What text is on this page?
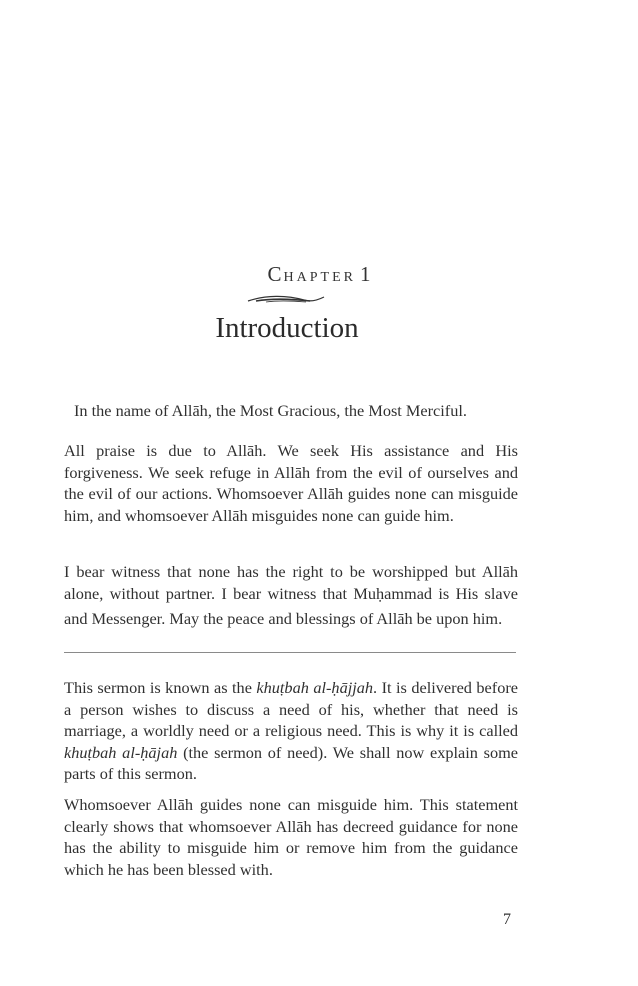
CHAPTER 1
Introduction

In the name of Allāh, the Most Gracious, the Most Merciful.

All praise is due to Allāh. We seek His assistance and His forgiveness. We seek refuge in Allāh from the evil of ourselves and the evil of our actions. Whomsoever Allāh guides none can misguide him, and whomsoever Allāh misguides none can guide him.

I bear witness that none has the right to be worshipped but Allāh alone, without partner. I bear witness that Muḥammad is His slave and Messenger. May the peace and blessings of Allāh be upon him.

This sermon is known as the khuṭbah al-ḥājjah. It is delivered before a person wishes to discuss a need of his, whether that need is marriage, a worldly need or a religious need. This is why it is called khuṭbah al-ḥājah (the sermon of need). We shall now explain some parts of this sermon.

Whomsoever Allāh guides none can misguide him. This statement clearly shows that whomsoever Allāh has decreed guidance for none has the ability to misguide him or remove him from the guidance which he has been blessed with.

7
